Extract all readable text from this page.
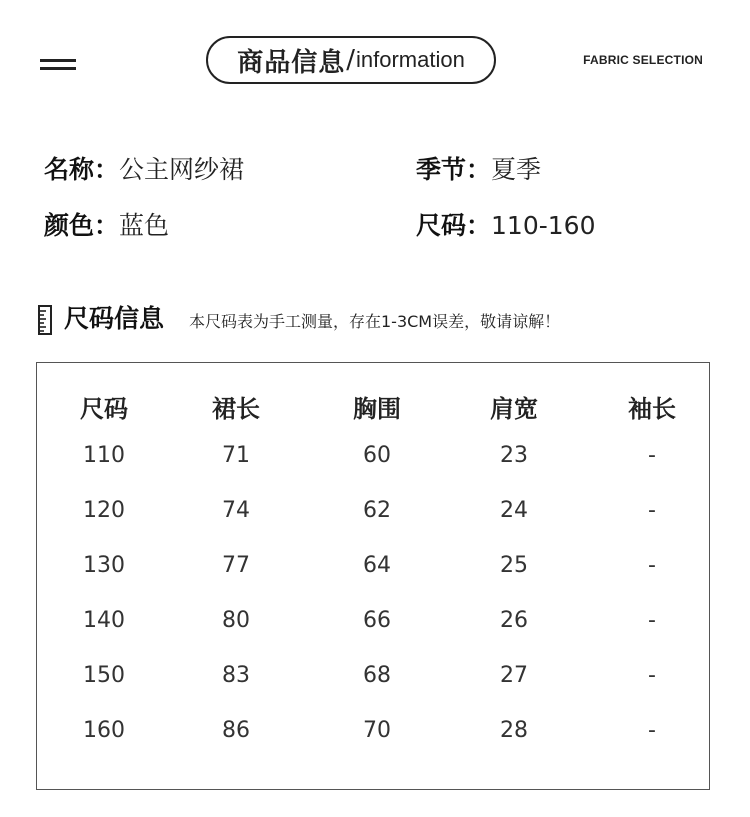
商品信息 / information	FABRIC SELECTION
名称：公主网纱裙	季节：夏季
颜色：蓝色	尺码：110-160
尺码信息 本尺码表为手工测量，存在1-3CM误差，敬请谅解！
尺码	裙长	胸围	肩宽	袖长
110	71	60	23	-
120	74	62	24	-
130	77	64	25	-
140	80	66	26	-
150	83	68	27	-
160	86	70	28	-
